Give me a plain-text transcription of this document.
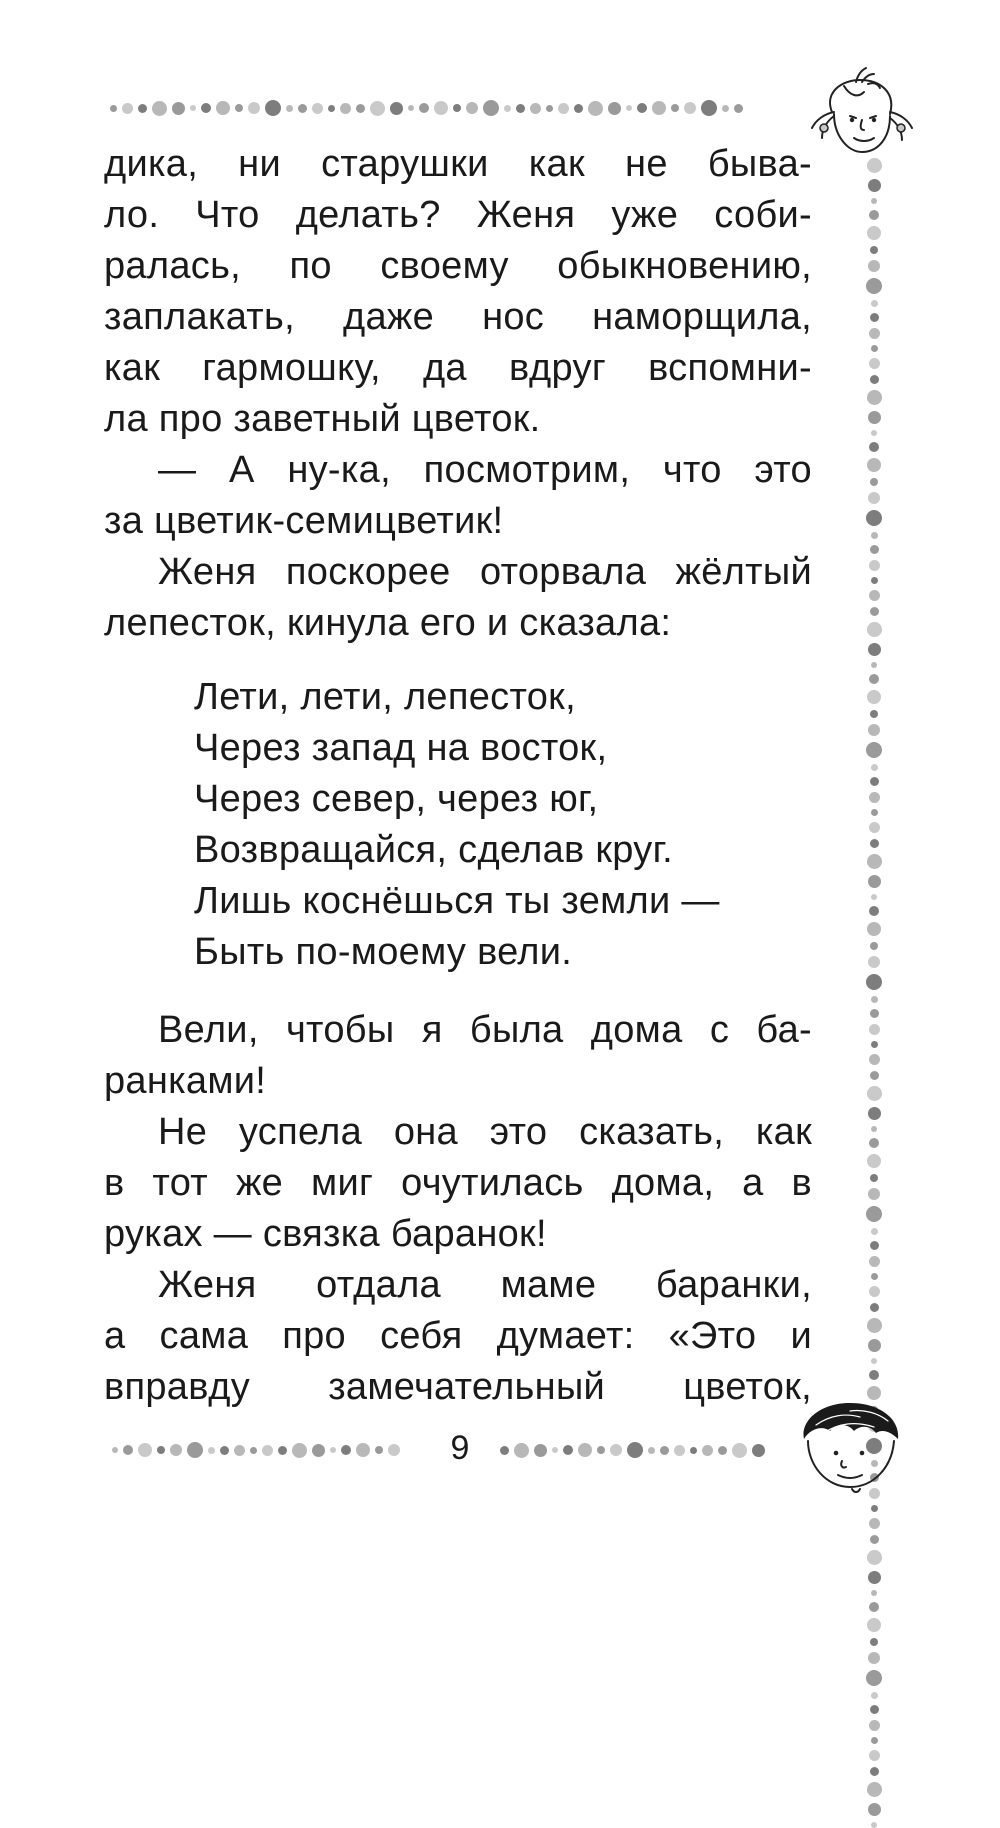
дика, ни старушки как не быва-
ло. Что делать? Женя уже соби-
ралась, по своему обыкновению,
заплакать, даже нос наморщила,
как гармошку, да вдруг вспомни-
ла про заветный цветок.
— А ну-ка, посмотрим, что это
за цветик-семицветик!
Женя поскорее оторвала жёлтый
лепесток, кинула его и сказала:
Лети, лети, лепесток,
Через запад на восток,
Через север, через юг,
Возвращайся, сделав круг.
Лишь коснёшься ты земли —
Быть по-моему вели.
Вели, чтобы я была дома с ба-
ранками!
Не успела она это сказать, как
в тот же миг очутилась дома, а в
руках — связка баранок!
Женя отдала маме баранки,
а сама про себя думает: «Это и
вправду замечательный цветок,
9
